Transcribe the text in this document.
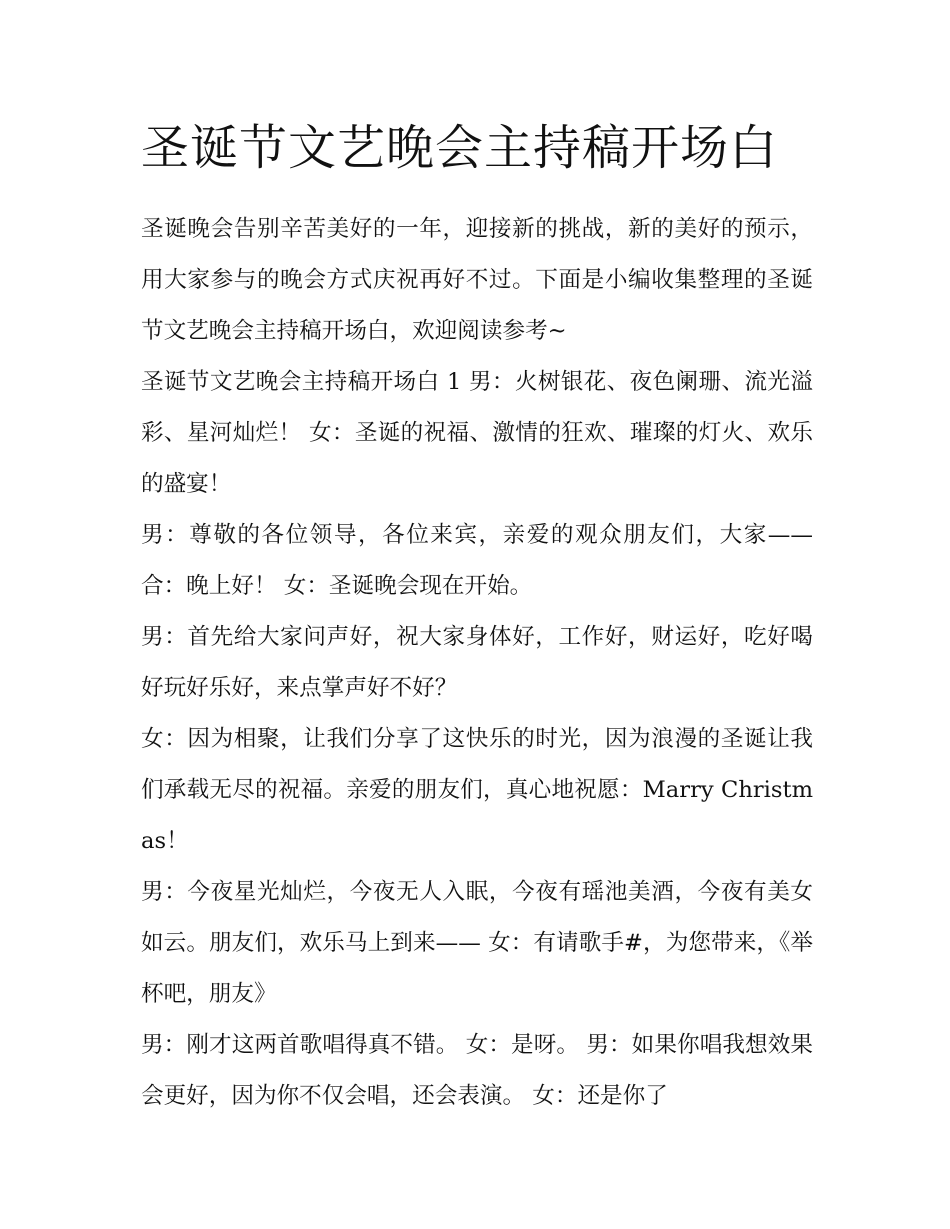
圣诞节文艺晚会主持稿开场白

圣诞晚会告别辛苦美好的一年，迎接新的挑战，新的美好的预示，用大家参与的晚会方式庆祝再好不过。下面是小编收集整理的圣诞节文艺晚会主持稿开场白，欢迎阅读参考~

圣诞节文艺晚会主持稿开场白 1 男：火树银花、夜色阑珊、流光溢彩、星河灿烂！ 女：圣诞的祝福、激情的狂欢、璀璨的灯火、欢乐的盛宴！

男：尊敬的各位领导，各位来宾，亲爱的观众朋友们，大家—— 合：晚上好！ 女：圣诞晚会现在开始。

男：首先给大家问声好，祝大家身体好，工作好，财运好，吃好喝好玩好乐好，来点掌声好不好？

女：因为相聚，让我们分享了这快乐的时光，因为浪漫的圣诞让我们承载无尽的祝福。亲爱的朋友们，真心地祝愿：Marry Christmas！

男：今夜星光灿烂，今夜无人入眠，今夜有瑶池美酒，今夜有美女如云。朋友们，欢乐马上到来—— 女：有请歌手#，为您带来，《举杯吧，朋友》

男：刚才这两首歌唱得真不错。 女：是呀。 男：如果你唱我想效果会更好，因为你不仅会唱，还会表演。 女：还是你了
